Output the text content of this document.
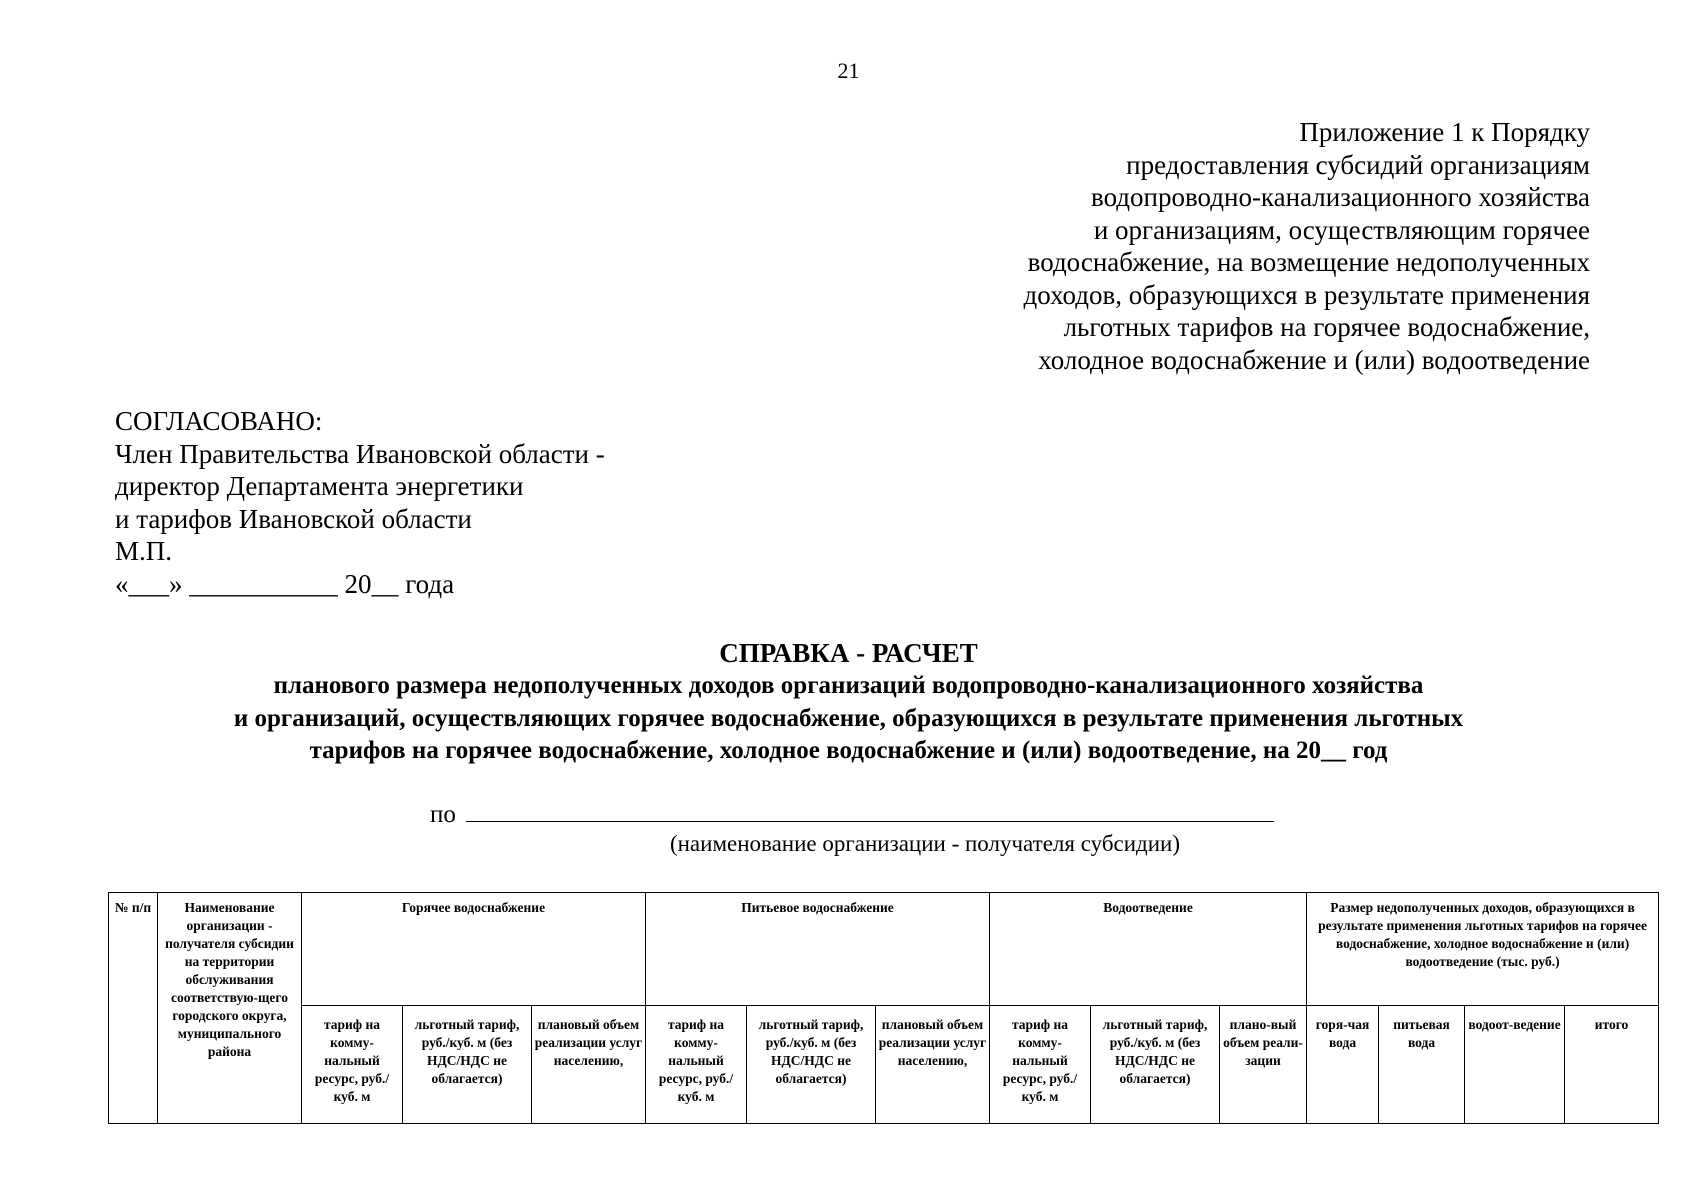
21
Приложение 1 к Порядку
предоставления субсидий организациям
водопроводно-канализационного хозяйства
и организациям, осуществляющим горячее
водоснабжение, на возмещение недополученных
доходов, образующихся в результате применения
льготных тарифов на горячее водоснабжение,
холодное водоснабжение и (или) водоотведение
СОГЛАСОВАНО:
Член Правительства Ивановской области -
директор Департамента энергетики
и тарифов Ивановской области
М.П.
«___» ___________ 20__ года
СПРАВКА - РАСЧЕТ
планового размера недополученных доходов организаций водопроводно-канализационного хозяйства
и организаций, осуществляющих горячее водоснабжение, образующихся в результате применения льготных
тарифов на горячее водоснабжение, холодное водоснабжение и (или) водоотведение, на 20__ год
по
(наименование организации - получателя субсидии)
№ п/п	Наименование организации - получателя субсидии на территории обслуживания соответствую-щего городского округа, муниципального района	Горячее водоснабжение			Питьевое водоснабжение			Водоотведение			Размер недополученных доходов, образующихся в результате применения льготных тарифов на горячее водоснабжение, холодное водоснабжение и (или) водоотведение (тыс. руб.)			
		тариф на комму-нальный ресурс, руб./куб. м	льготный тариф, руб./куб. м (без НДС/НДС не облагается)	плановый объем реализации услуг населению,	тариф на комму-нальный ресурс, руб./куб. м	льготный тариф, руб./куб. м (без НДС/НДС не облагается)	плановый объем реализации услуг населению,	тариф на комму-нальный ресурс, руб./куб. м	льготный тариф, руб./куб. м (без НДС/НДС не облагается)	плано-вый объем реали-зации	горя-чая вода	питьевая вода	водоот-ведение	итого
